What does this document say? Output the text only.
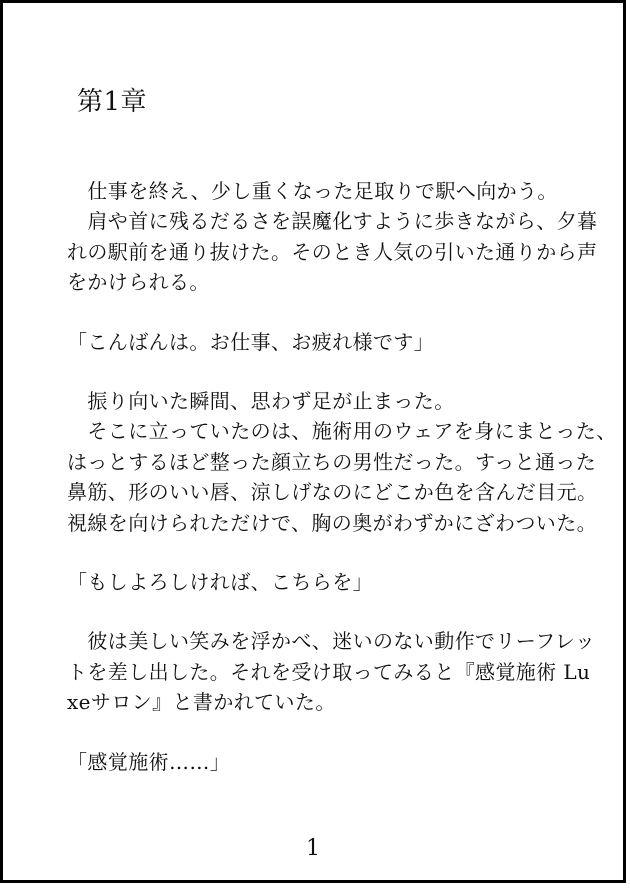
第1章
　仕事を終え、少し重くなった足取りで駅へ向かう。
　肩や首に残るだるさを誤魔化すように歩きながら、夕暮
れの駅前を通り抜けた。そのとき人気の引いた通りから声
をかけられる。
「こんばんは。お仕事、お疲れ様です」
　振り向いた瞬間、思わず足が止まった。
　そこに立っていたのは、施術用のウェアを身にまとった、
はっとするほど整った顔立ちの男性だった。すっと通った
鼻筋、形のいい唇、涼しげなのにどこか色を含んだ目元。
視線を向けられただけで、胸の奥がわずかにざわついた。
「もしよろしければ、こちらを」
　彼は美しい笑みを浮かべ、迷いのない動作でリーフレッ
トを差し出した。それを受け取ってみると『感覚施術 Lu
xeサロン』と書かれていた。
「感覚施術……」
1
